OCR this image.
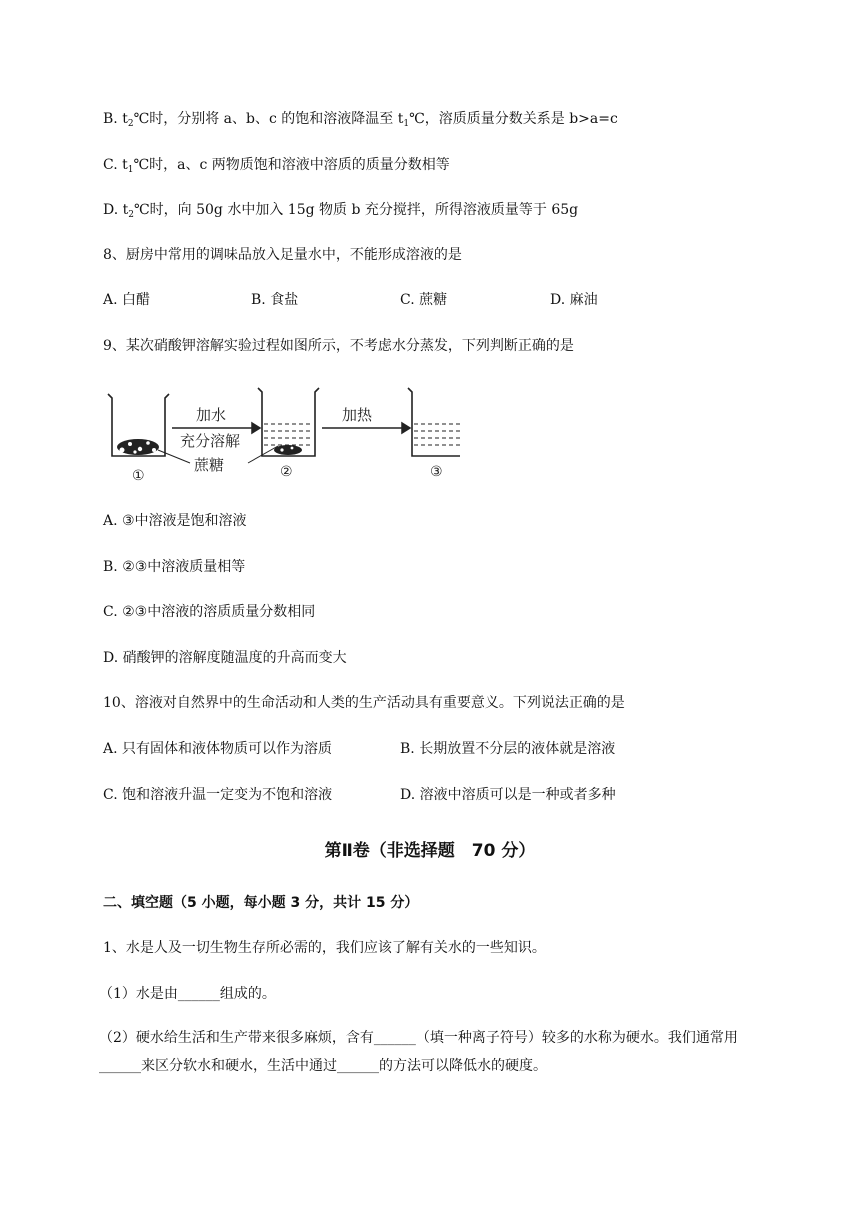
B. $t_2℃$时，分别将 a、b、c 的饱和溶液降温至 $t_1℃$，溶质质量分数关系是 b>a=c
C. $t_1℃$时，a、c 两物质饱和溶液中溶质的质量分数相等
D. $t_2℃$时，向 50g 水中加入 15g 物质 b 充分搅拌，所得溶液质量等于 65g
8、厨房中常用的调味品放入足量水中，不能形成溶液的是
A. 白醋	B. 食盐	C. 蔗糖	D. 麻油
9、某次硝酸钾溶解实验过程如图所示，不考虑水分蒸发，下列判断正确的是
①
加水
充分溶解
蔗糖	②
加热
③
A. ③中溶液是饱和溶液
B. ②③中溶液质量相等
C. ②③中溶液的溶质质量分数相同
D. 硝酸钾的溶解度随温度的升高而变大
10、溶液对自然界中的生命活动和人类的生产活动具有重要意义。下列说法正确的是
A. 只有固体和液体物质可以作为溶质	B. 长期放置不分层的液体就是溶液
C. 饱和溶液升温一定变为不饱和溶液	D. 溶液中溶质可以是一种或者多种
第Ⅱ卷（非选择题　70 分）
二、填空题（5 小题，每小题 3 分，共计 15 分）
1、水是人及一切生物生存所必需的，我们应该了解有关水的一些知识。
（1）水是由______组成的。
（2）硬水给生活和生产带来很多麻烦，含有______（填一种离子符号）较多的水称为硬水。我们通常用______来区分软水和硬水，生活中通过______的方法可以降低水的硬度。
